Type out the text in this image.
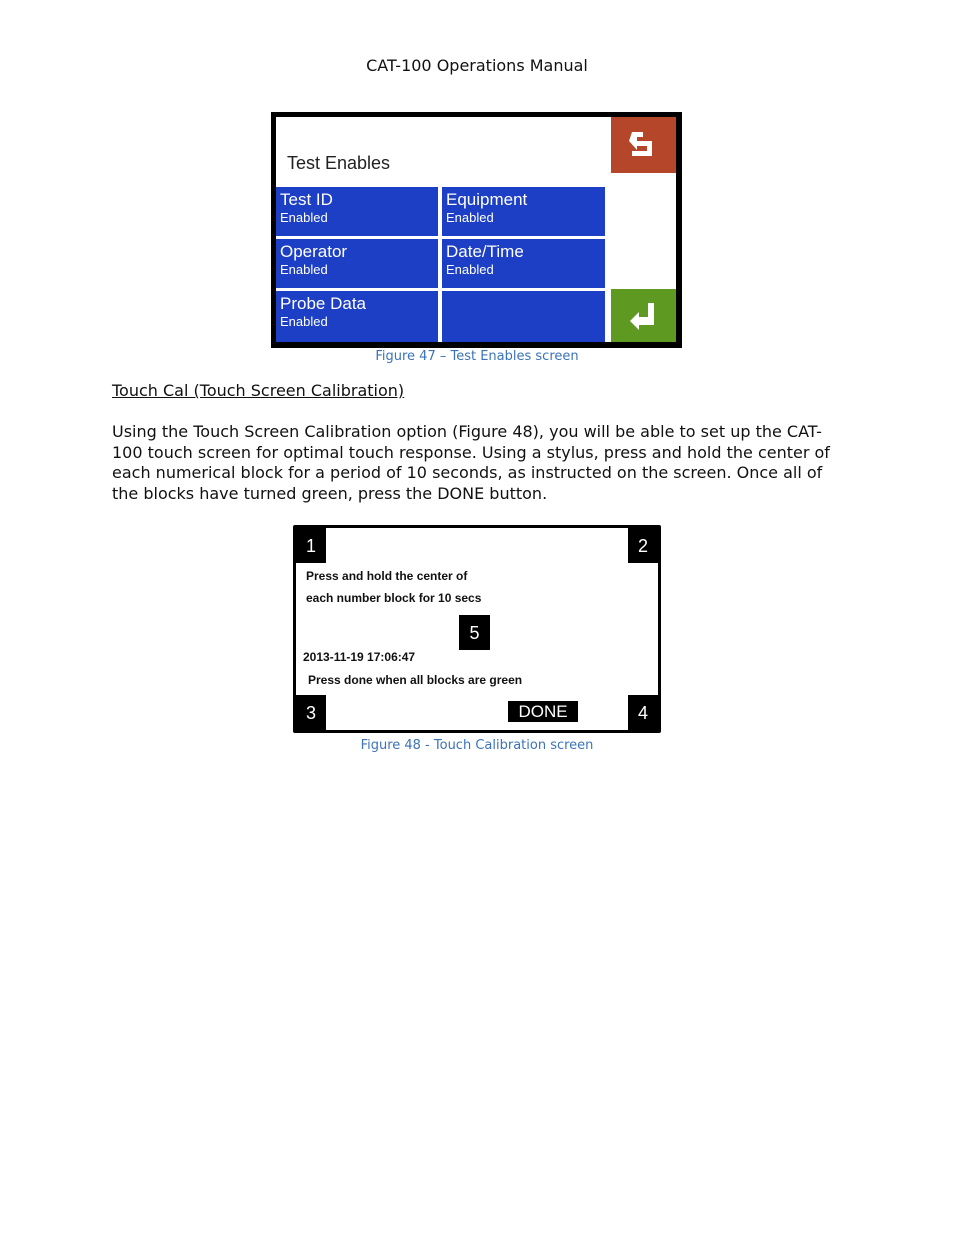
CAT-100 Operations Manual
Test Enables
Test ID
Enabled
Equipment
Enabled
Operator
Enabled
Date/Time
Enabled
Probe Data
Enabled
Figure 47 – Test Enables screen
Touch Cal (Touch Screen Calibration)
Using the Touch Screen Calibration option (Figure 48), you will be able to set up the CAT-100 touch screen for optimal touch response. Using a stylus, press and hold the center of each numerical block for a period of 10 seconds, as instructed on the screen. Once all of the blocks have turned green, press the DONE button.
1	2
3	4
5
Press and hold the center of
each number block for 10 secs
2013-11-19 17:06:47
Press done when all blocks are green
DONE
Figure 48 - Touch Calibration screen
